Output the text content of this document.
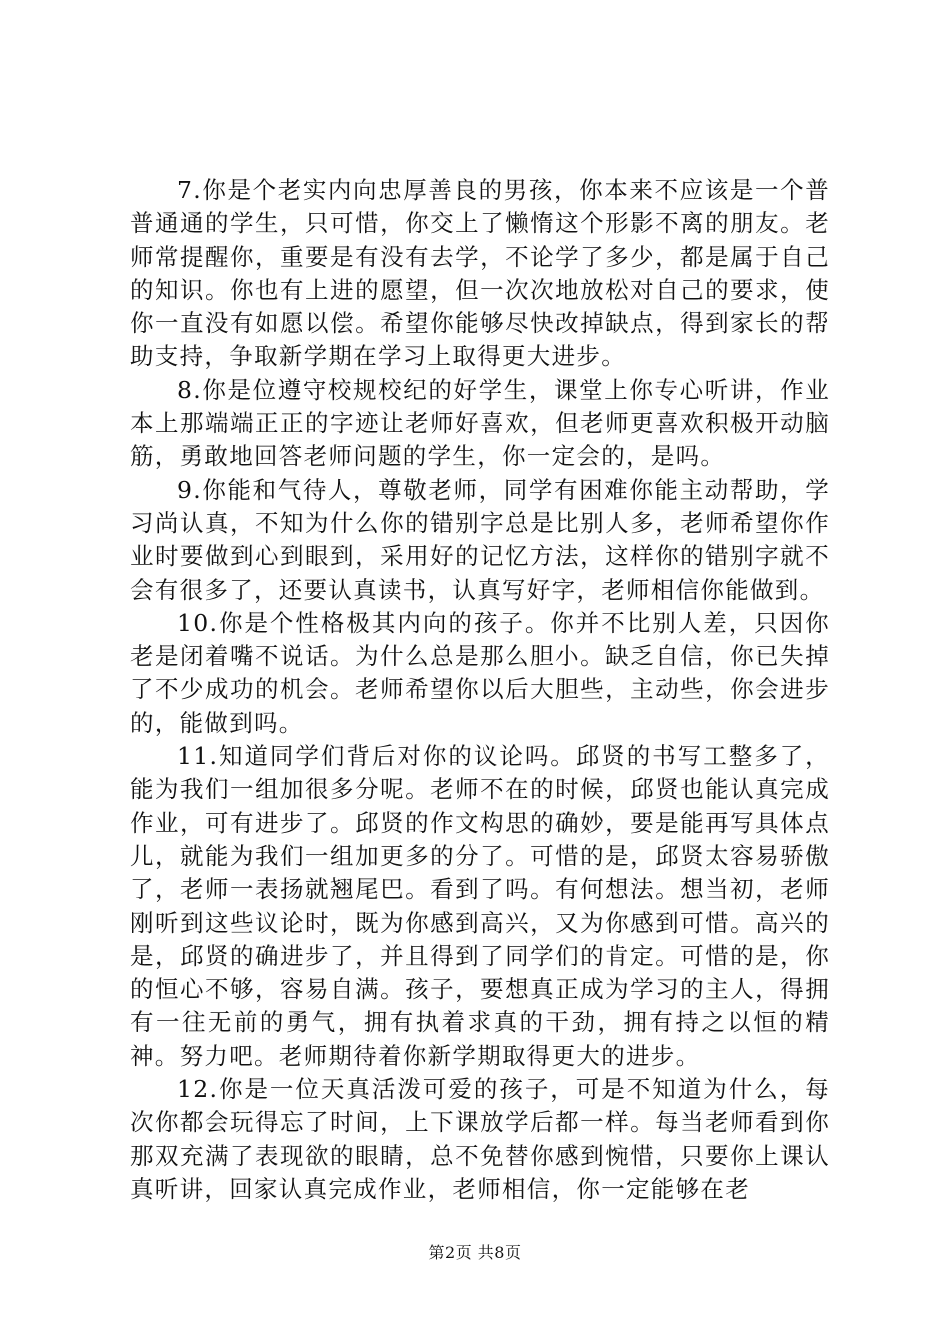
7.你是个老实内向忠厚善良的男孩，你本来不应该是一个普普通通的学生，只可惜，你交上了懒惰这个形影不离的朋友。老师常提醒你，重要是有没有去学，不论学了多少，都是属于自己的知识。你也有上进的愿望，但一次次地放松对自己的要求，使你一直没有如愿以偿。希望你能够尽快改掉缺点，得到家长的帮助支持，争取新学期在学习上取得更大进步。

8.你是位遵守校规校纪的好学生，课堂上你专心听讲，作业本上那端端正正的字迹让老师好喜欢，但老师更喜欢积极开动脑筋，勇敢地回答老师问题的学生，你一定会的，是吗。

9.你能和气待人，尊敬老师，同学有困难你能主动帮助，学习尚认真，不知为什么你的错别字总是比别人多，老师希望你作业时要做到心到眼到，采用好的记忆方法，这样你的错别字就不会有很多了，还要认真读书，认真写好字，老师相信你能做到。

10.你是个性格极其内向的孩子。你并不比别人差，只因你老是闭着嘴不说话。为什么总是那么胆小。缺乏自信，你已失掉了不少成功的机会。老师希望你以后大胆些，主动些，你会进步的，能做到吗。

11.知道同学们背后对你的议论吗。邱贤的书写工整多了，能为我们一组加很多分呢。老师不在的时候，邱贤也能认真完成作业，可有进步了。邱贤的作文构思的确妙，要是能再写具体点儿，就能为我们一组加更多的分了。可惜的是，邱贤太容易骄傲了，老师一表扬就翘尾巴。看到了吗。有何想法。想当初，老师刚听到这些议论时，既为你感到高兴，又为你感到可惜。高兴的是，邱贤的确进步了，并且得到了同学们的肯定。可惜的是，你的恒心不够，容易自满。孩子，要想真正成为学习的主人，得拥有一往无前的勇气，拥有执着求真的干劲，拥有持之以恒的精神。努力吧。老师期待着你新学期取得更大的进步。

12.你是一位天真活泼可爱的孩子，可是不知道为什么，每次你都会玩得忘了时间，上下课放学后都一样。每当老师看到你那双充满了表现欲的眼睛，总不免替你感到惋惜，只要你上课认真听讲，回家认真完成作业，老师相信，你一定能够在老

第2页 共8页
